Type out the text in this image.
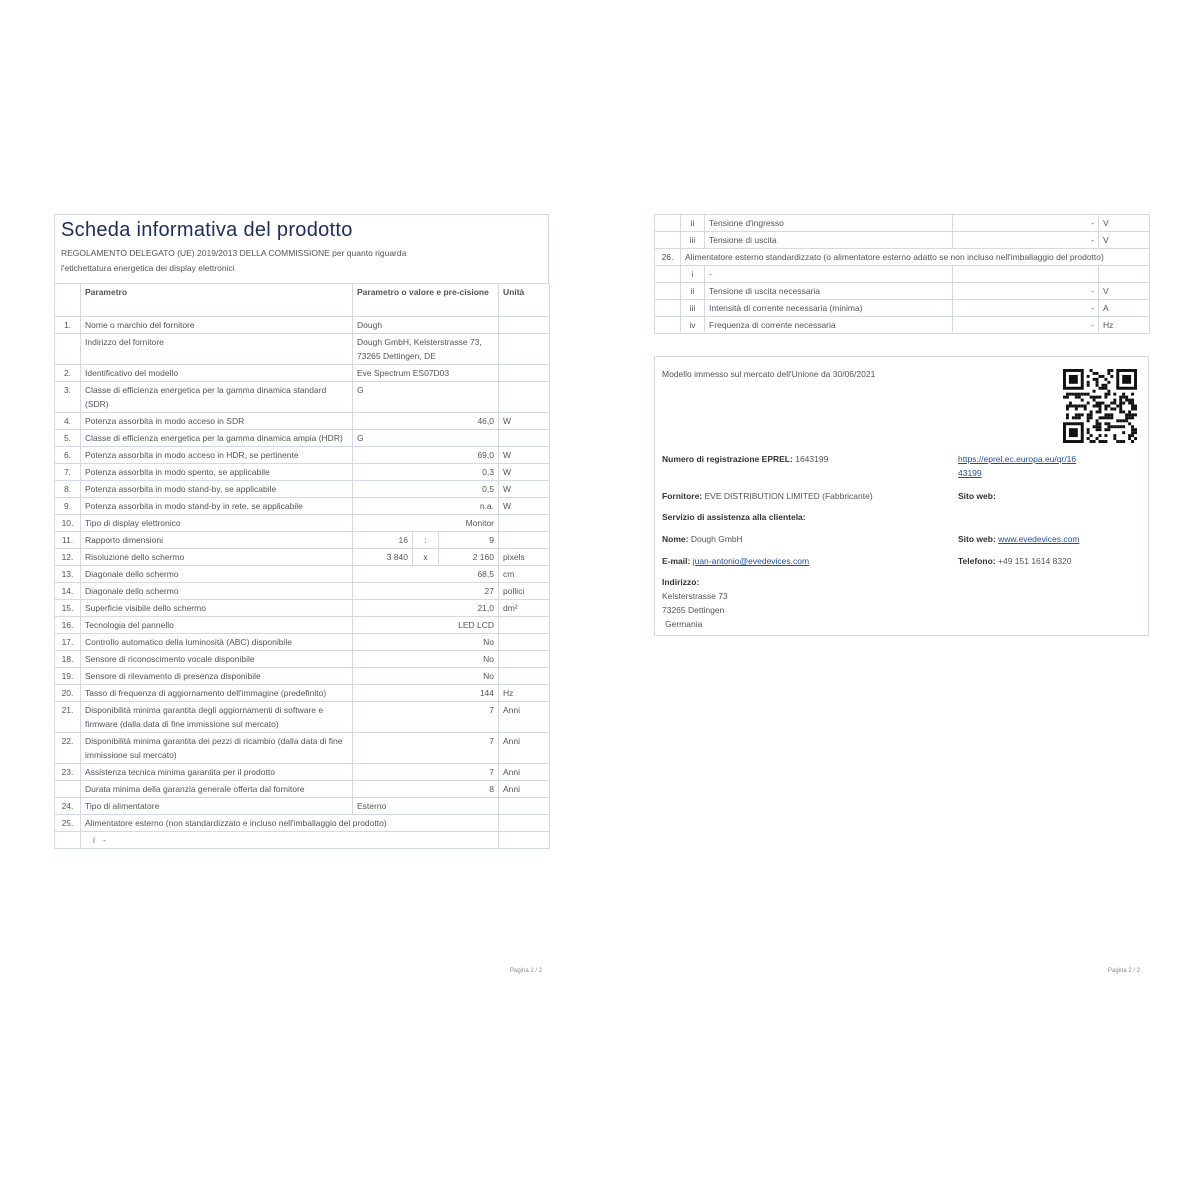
Scheda informativa del prodotto
REGOLAMENTO DELEGATO (UE) 2019/2013 DELLA COMMISSIONE per quanto riguarda
l'etichettatura energetica dei display elettronici
	Parametro	Parametro o valore e pre-cisione	Unità
1.	Nome o marchio del fornitore	Dough	
	Indirizzo del fornitore	Dough GmbH, Kelsterstrasse 73, 73265 Dettingen, DE	
2.	Identificativo del modello	Eve Spectrum ES07D03	
3.	Classe di efficienza energetica per la gamma dinamica standard (SDR)	G	
4.	Potenza assorbita in modo acceso in SDR	46,0	W
5.	Classe di efficienza energetica per la gamma dinamica ampia (HDR)	G	
6.	Potenza assorbita in modo acceso in HDR, se pertinente	69,0	W
7.	Potenza assorbita in modo spento, se applicabile	0,3	W
8.	Potenza assorbita in modo stand-by, se applicabile	0,5	W
9.	Potenza assorbita in modo stand-by in rete, se applicabile	n.a.	W
10.	Tipo di display elettronico	Monitor	
11.	Rapporto dimensioni	16 : 9	

12.	Risoluzione dello schermo	3 840 x 2 160	pixels
13.	Diagonale dello schermo	68,5	cm
14.	Diagonale dello schermo	27	pollici
15.	Superficie visibile dello schermo	21,0	dm²
16.	Tecnologia del pannello	LED LCD	
17.	Controllo automatico della luminosità (ABC) disponibile	No	
18.	Sensore di riconoscimento vocale disponibile	No	
19.	Sensore di rilevamento di presenza disponibile	No	
20.	Tasso di frequenza di aggiornamento dell'immagine (predefinito)	144	Hz
21.	Disponibilità minima garantita degli aggiornamenti di software e firmware (dalla data di fine immissione sul mercato)	7	Anni
22.	Disponibilità minima garantita dei pezzi di ricambio (dalla data di fine immissione sul mercato)	7	Anni
23.	Assistenza tecnica minima garantita per il prodotto	7	Anni
	Durata minima della garanzia generale offerta dal fornitore	8	Anni
24.	Tipo di alimentatore	Esterno	
25.	Alimentatore esterno (non standardizzato e incluso nell'imballaggio del prodotto)		
	i -		
Pagina 1 / 2
	ii	Tensione d'ingresso	-	V
	iii	Tensione di uscita	-	V
26.	Alimentatore esterno standardizzato (o alimentatore esterno adatto se non incluso nell'imballaggio del prodotto)			
	i	-		
	ii	Tensione di uscita necessaria	-	V
	iii	Intensità di corrente necessaria (minima)	-	A
	iv	Frequenza di corrente necessaria	-	Hz
Modello immesso sul mercato dell'Unione da 30/06/2021
Numero di registrazione EPREL: 1643199	https://eprel.ec.europa.eu/qr/16
43199
Fornitore: EVE DISTRIBUTION LIMITED (Fabbricante)	Sito web:
Servizio di assistenza alla clientela:
Nome: Dough GmbH	Sito web: www.evedevices.com
E-mail: juan-antonio@evedevices.com	Telefono: +49 151 1614 8320
Indirizzo:
Kelsterstrasse 73
73265 Dettingen
Germania
Pagina 2 / 2
